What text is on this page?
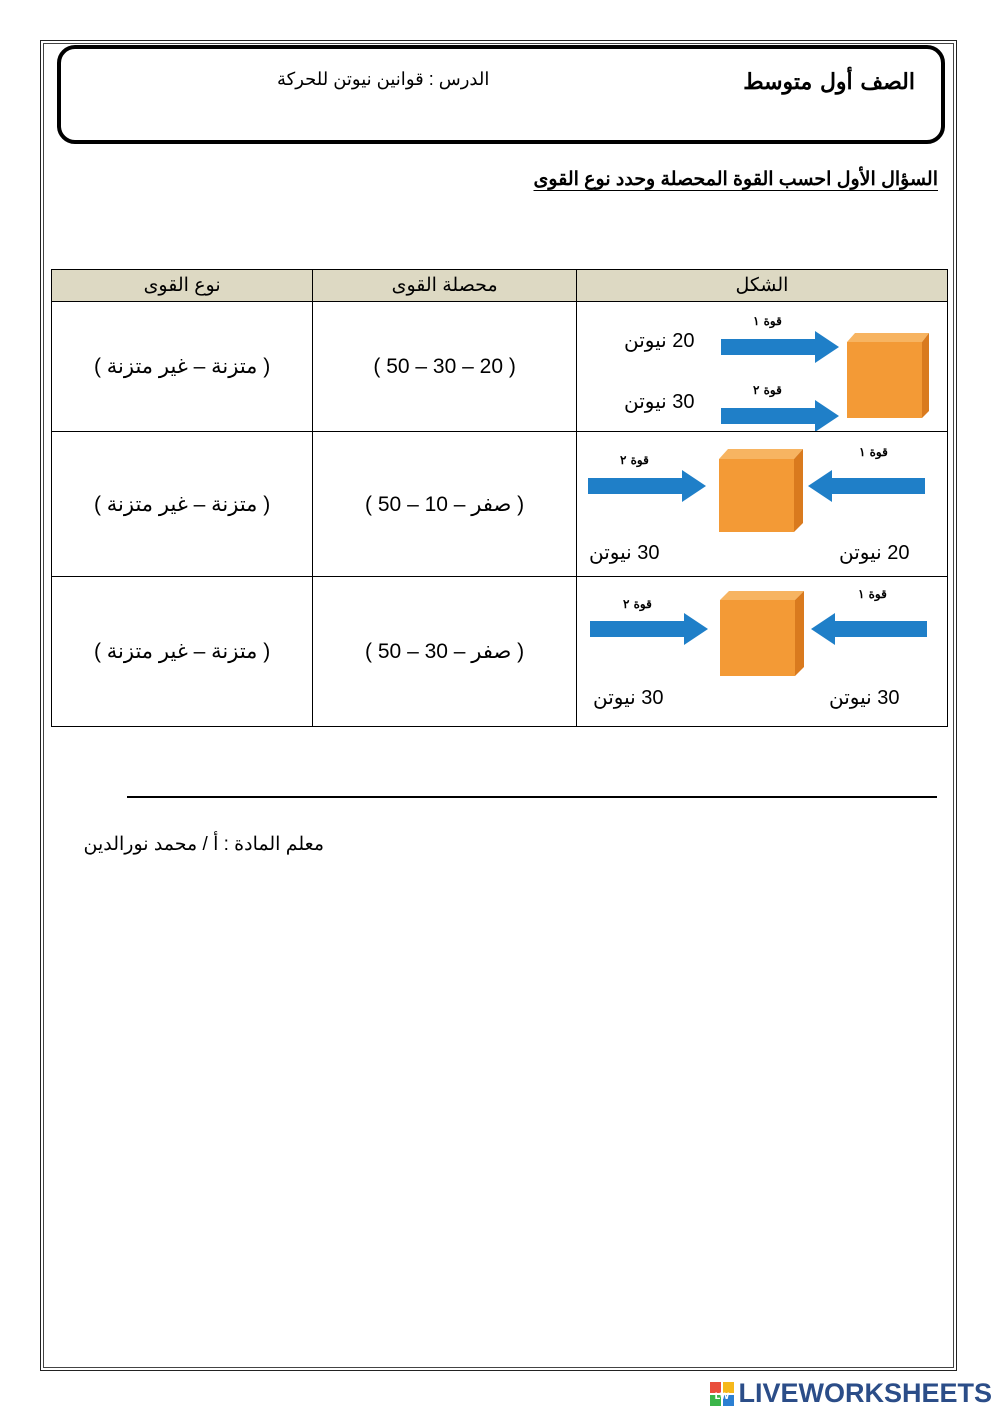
الصف أول متوسط
الدرس : قوانين نيوتن للحركة
السؤال الأول احسب القوة المحصلة وحدد نوع القوى
الشكل	محصلة القوى	نوع القوى

قوة ١
قوة ٢
20 نيوتن
30 نيوتن	( 20 – 30 – 50 )	( متزنة – غير متزنة )

قوة ٢
قوة ١
30 نيوتن 20 نيوتن	( صفر – 10 – 50 )	( متزنة – غير متزنة )

قوة ٢
قوة ١
30 نيوتن 30 نيوتن	( صفر – 30 – 50 )	( متزنة – غير متزنة )
معلم المادة : أ / محمد نورالدين
LW LIVEWORKSHEETS
